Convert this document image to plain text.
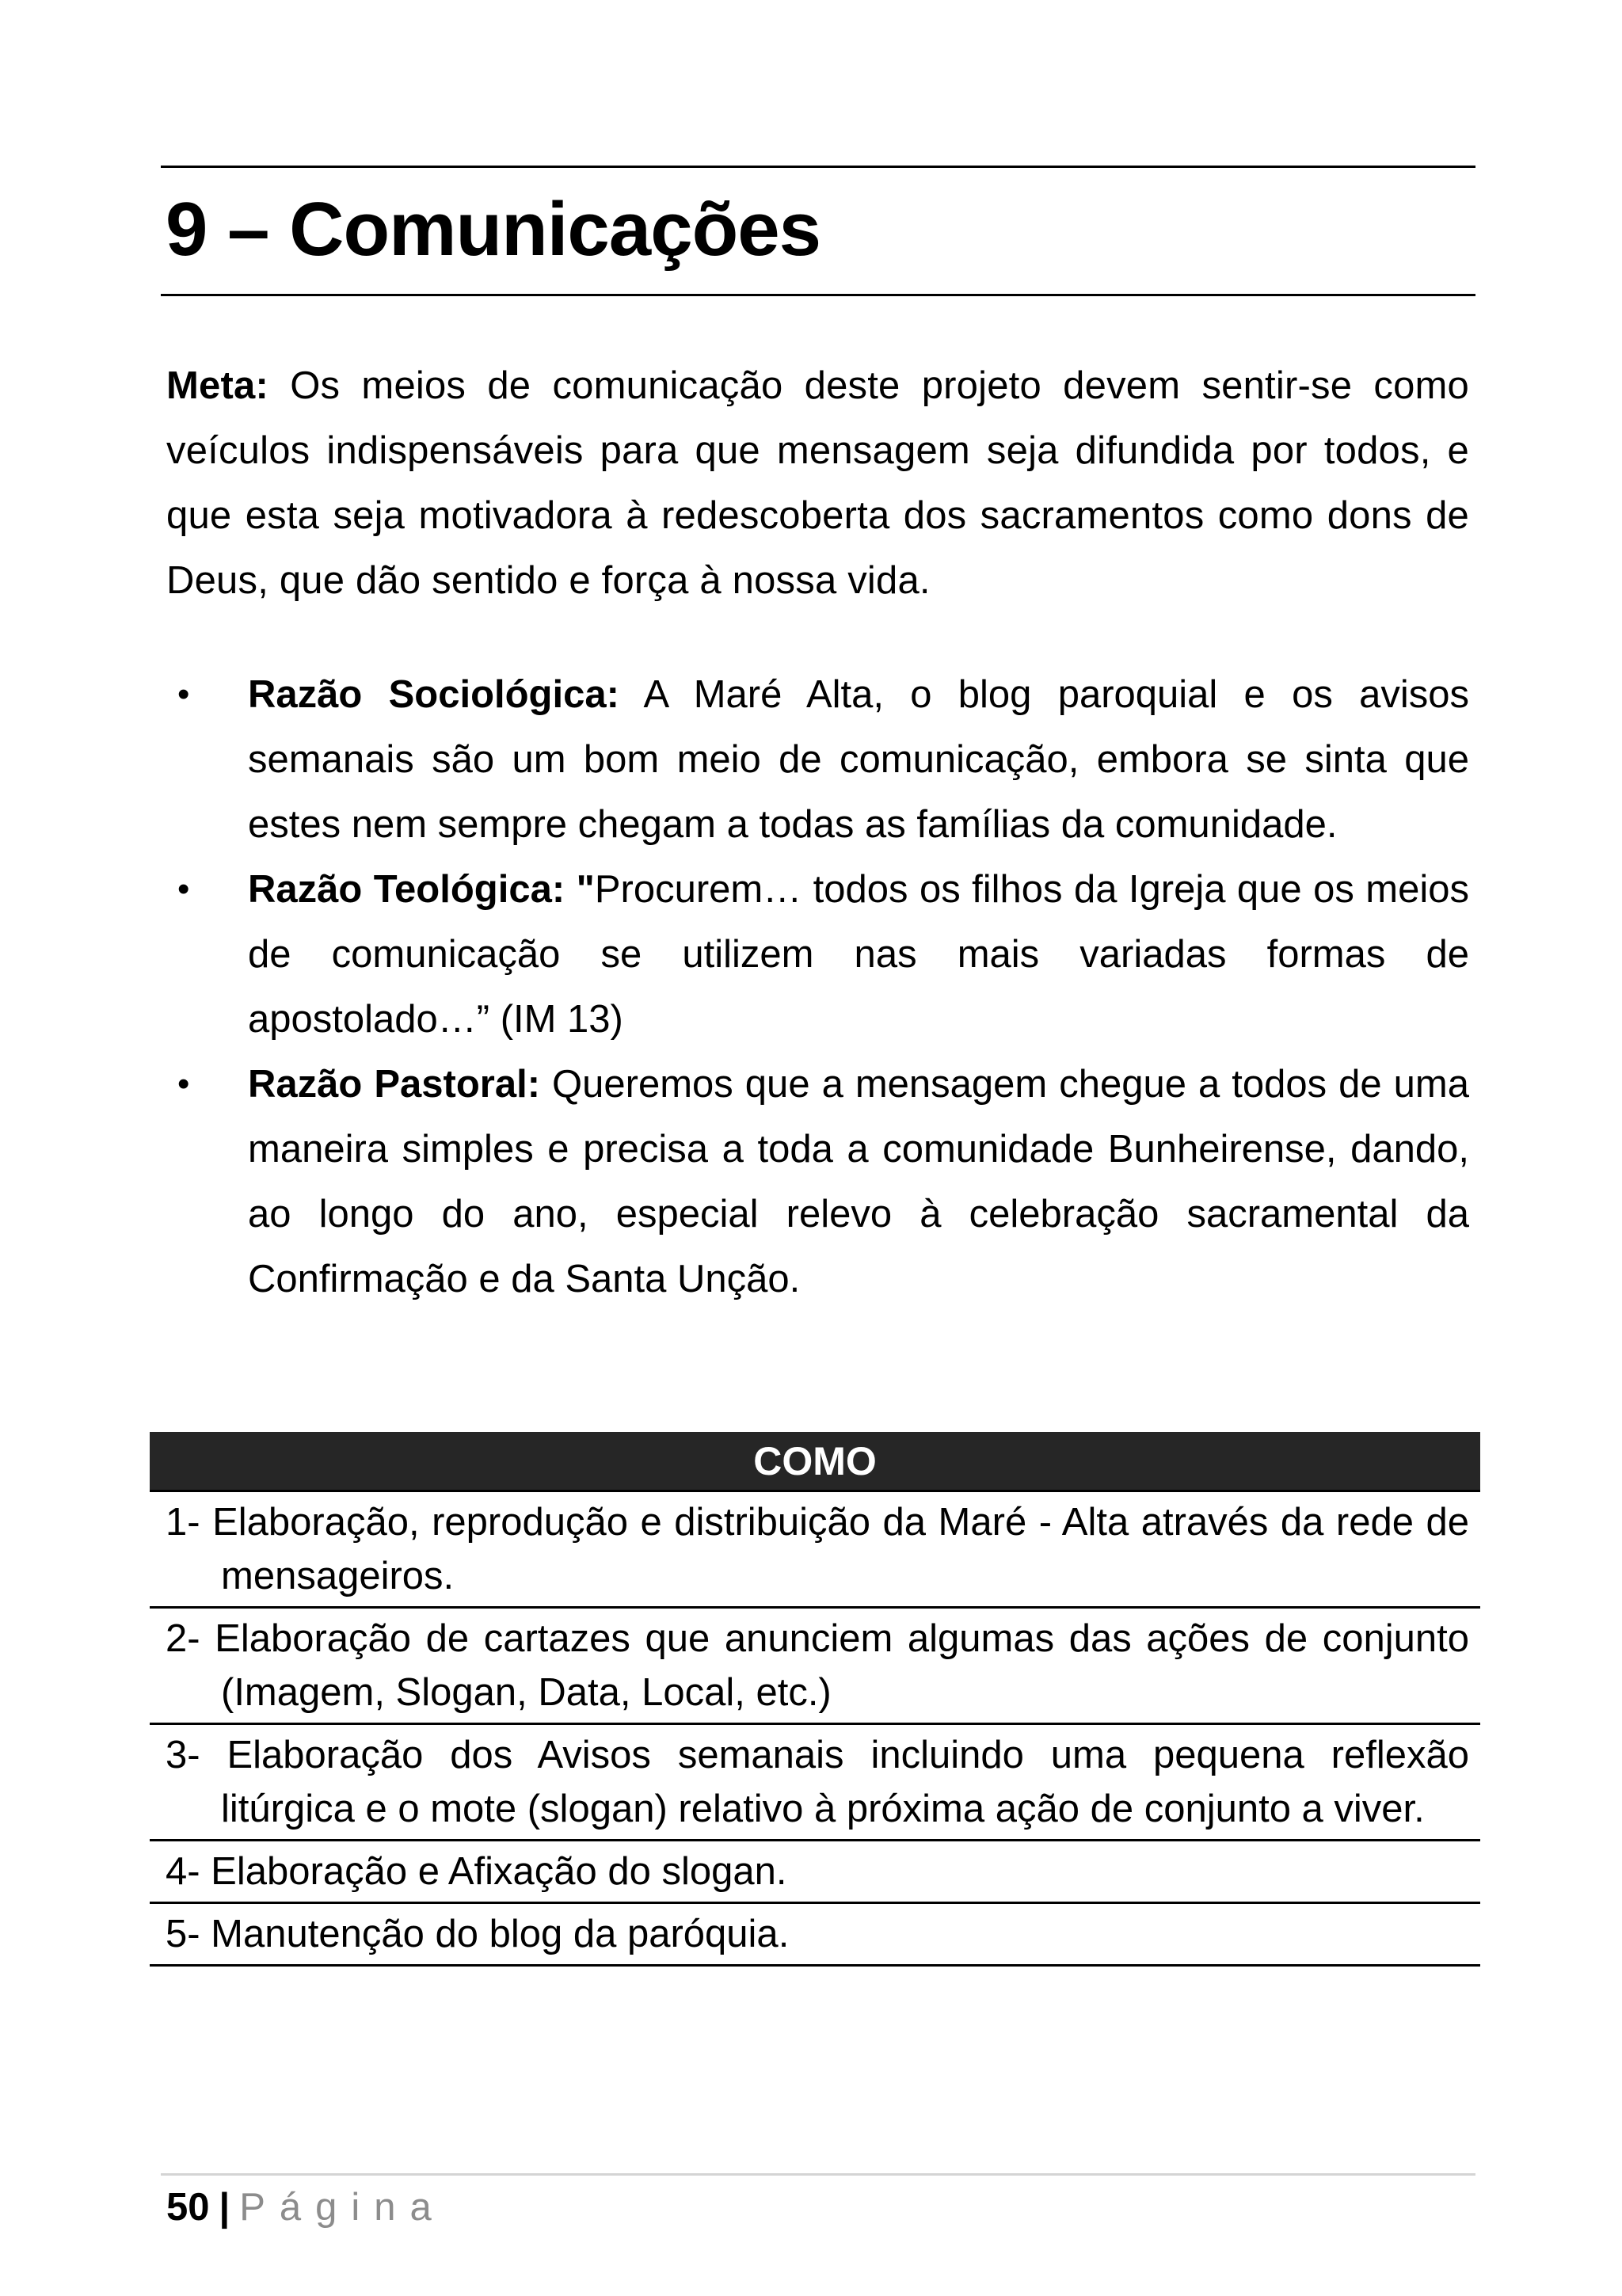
9 – Comunicações

Meta: Os meios de comunicação deste projeto devem sentir-se como veículos indispensáveis para que mensagem seja difundida por todos, e que esta seja motivadora à redescoberta dos sacramentos como dons de Deus, que dão sentido e força à nossa vida.

• Razão Sociológica: A Maré Alta, o blog paroquial e os avisos semanais são um bom meio de comunicação, embora se sinta que estes nem sempre chegam a todas as famílias da comunidade.
• Razão Teológica: "Procurem… todos os filhos da Igreja que os meios de comunicação se utilizem nas mais variadas formas de apostolado…” (IM 13)
• Razão Pastoral: Queremos que a mensagem chegue a todos de uma maneira simples e precisa a toda a comunidade Bunheirense, dando, ao longo do ano, especial relevo à celebração sacramental da Confirmação e da Santa Unção.
COMO

1- Elaboração, reprodução e distribuição da Maré - Alta através da rede de mensageiros.

2- Elaboração de cartazes que anunciem algumas das ações de conjunto (Imagem, Slogan, Data, Local, etc.)

3- Elaboração dos Avisos semanais incluindo uma pequena reflexão litúrgica e o mote (slogan) relativo à próxima ação de conjunto a viver.

4- Elaboração e Afixação do slogan.

5- Manutenção do blog da paróquia.

50 | Página
